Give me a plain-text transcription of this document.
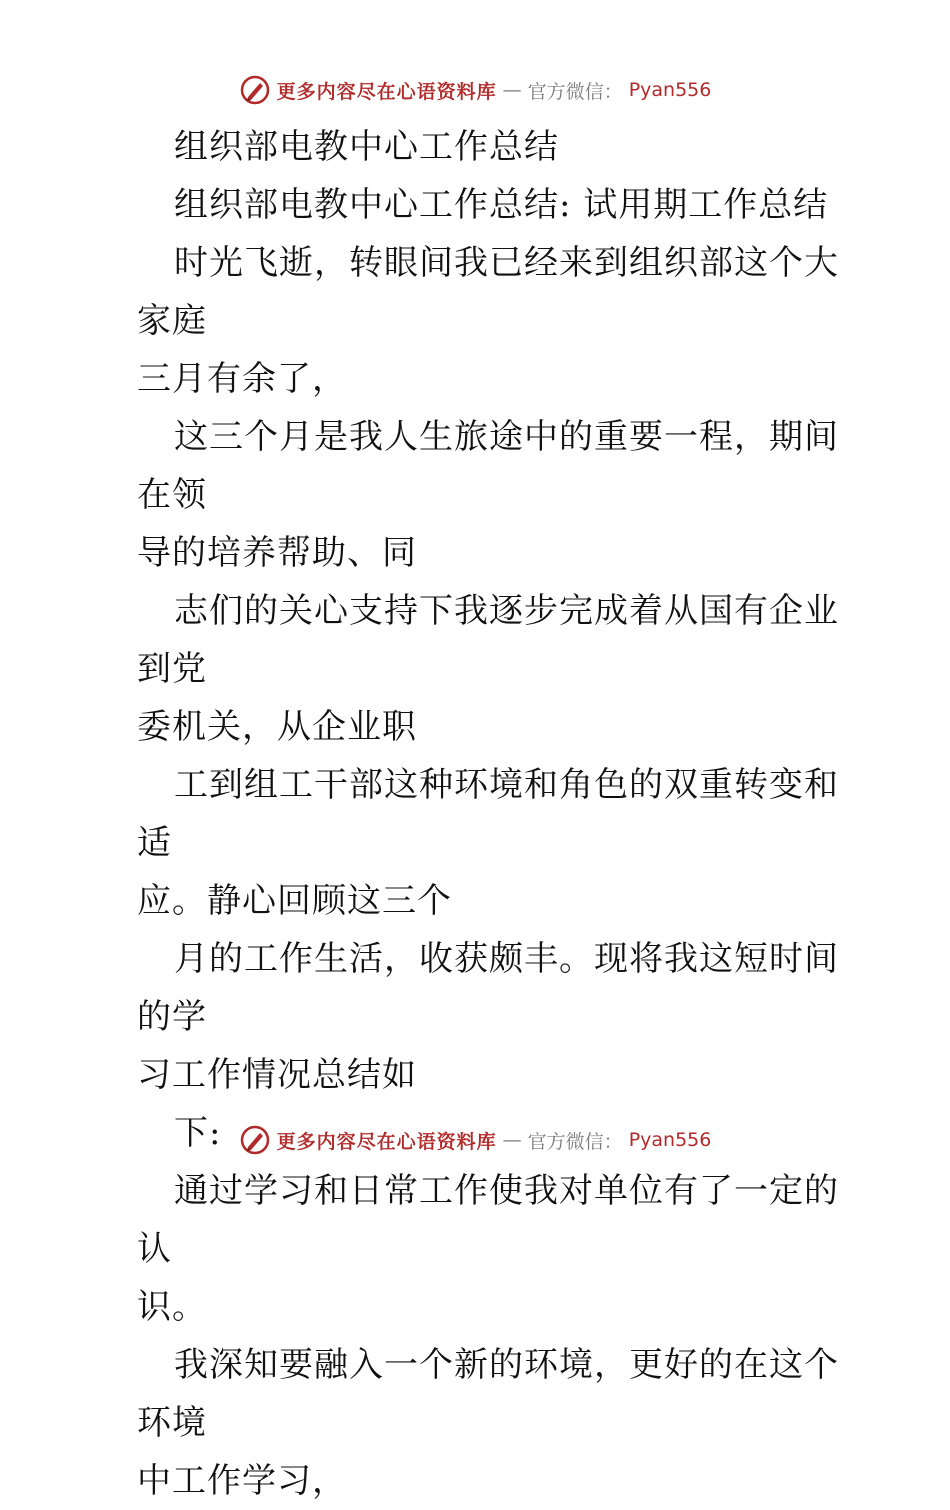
更多内容尽在心语资料库 — 官方微信： Pyan556
组织部电教中心工作总结
组织部电教中心工作总结: 试用期工作总结
时光飞逝，转眼间我已经来到组织部这个大家庭
三月有余了，
这三个月是我人生旅途中的重要一程，期间在领
导的培养帮助、同
志们的关心支持下我逐步完成着从国有企业到党
委机关，从企业职
工到组工干部这种环境和角色的双重转变和适
应。静心回顾这三个
月的工作生活，收获颇丰。现将我这短时间的学
习工作情况总结如
下:
通过学习和日常工作使我对单位有了一定的认
识。
我深知要融入一个新的环境，更好的在这个环境
中工作学习，
更多内容尽在心语资料库 — 官方微信： Pyan556
